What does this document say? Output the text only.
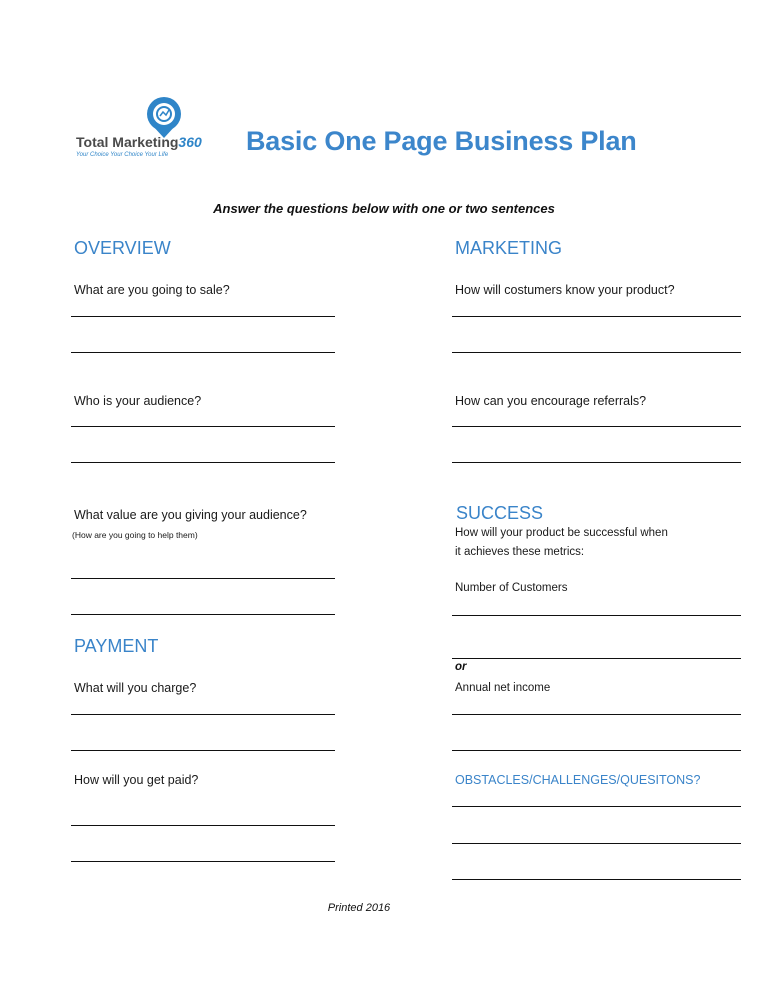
Total Marketing360
Your Choice Your Choice Your Life	Basic One Page Business Plan
Answer the questions below with one or two sentences
OVERVIEW
What are you going to sale?
Who is your audience?
What value are you giving your audience?
(How are you going to help them)
PAYMENT
What will you charge?
How will you get paid?
MARKETING
How will costumers know your product?
How can you encourage referrals?
SUCCESS
How will your product be successful when
it achieves these metrics:
Number of Customers
or
Annual net income
OBSTACLES/CHALLENGES/QUESITONS?
Printed 2016
